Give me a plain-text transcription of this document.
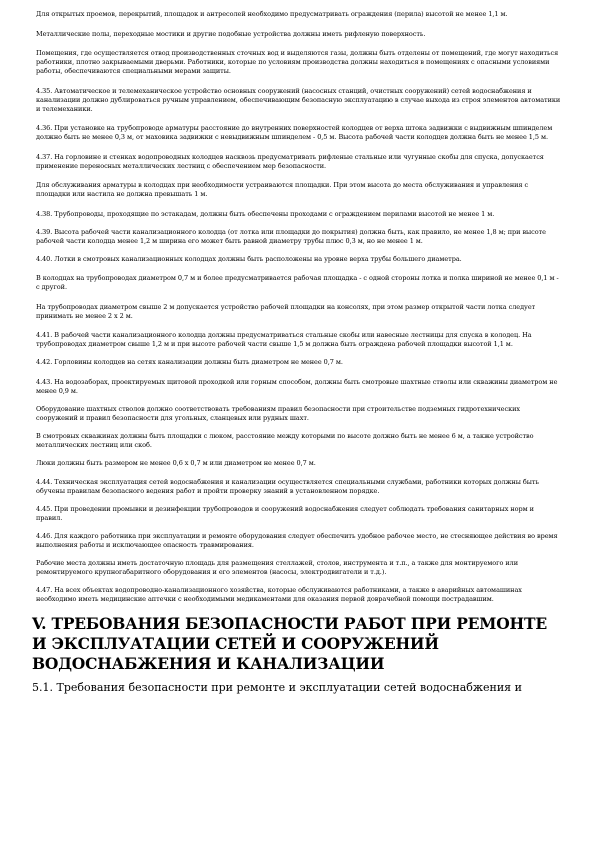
Для открытых проемов, перекрытий, площадок и антресолей необходимо предусматривать ограждения (перила) высотой не менее 1,1 м.

Металлические полы, переходные мостики и другие подобные устройства должны иметь рифленую поверхность.

Помещения, где осуществляется отвод производственных сточных вод и выделяются газы, должны быть отделены от помещений, где могут находиться работники, плотно закрываемыми дверьми. Работники, которые по условиям производства должны находиться в помещениях с опасными условиями работы, обеспечиваются специальными мерами защиты.

4.35. Автоматическое и телемеханическое устройство основных сооружений (насосных станций, очистных сооружений) сетей водоснабжения и канализации должно дублироваться ручным управлением, обеспечивающим безопасную эксплуатацию в случае выхода из строя элементов автоматики и телемеханики.

4.36. При установке на трубопроводе арматуры расстояние до внутренних поверхностей колодцев от верха штока задвижки с выдвижным шпинделем должно быть не менее 0,3 м, от маховика задвижки с невыдвижным шпинделем - 0,5 м. Высота рабочей части колодцев должна быть не менее 1,5 м.

4.37. На горловине и стенках водопроводных колодцев насквозь предусматривать рифленые стальные или чугунные скобы для спуска, допускается применение переносных металлических лестниц с обеспечением мер безопасности.

Для обслуживания арматуры в колодцах при необходимости устраиваются площадки. При этом высота до места обслуживания и управления с площадки или настила не должна превышать 1 м.

4.38. Трубопроводы, проходящие по эстакадам, должны быть обеспечены проходами с ограждением перилами высотой не менее 1 м.

4.39. Высота рабочей части канализационного колодца (от лотка или площадки до покрытия) должна быть, как правило, не менее 1,8 м; при высоте рабочей части колодца менее 1,2 м ширина его может быть равной диаметру трубы плюс 0,3 м, но не менее 1 м.

4.40. Лотки в смотровых канализационных колодцах должны быть расположены на уровне верха трубы большего диаметра.

В колодцах на трубопроводах диаметром 0,7 м и более предусматривается рабочая площадка - с одной стороны лотка и полка шириной не менее 0,1 м - с другой.

На трубопроводах диаметром свыше 2 м допускается устройство рабочей площадки на консолях, при этом размер открытой части лотка следует принимать не менее 2 х 2 м.

4.41. В рабочей части канализационного колодца должны предусматриваться стальные скобы или навесные лестницы для спуска в колодец. На трубопроводах диаметром свыше 1,2 м и при высоте рабочей части свыше 1,5 м должна быть ограждена рабочей площадки высотой 1,1 м.

4.42. Горловины колодцев на сетях канализации должны быть диаметром не менее 0,7 м.

4.43. На водозаборах, проектируемых щитовой проходкой или горным способом, должны быть смотровые шахтные стволы или скважины диаметром не менее 0,9 м.

Оборудование шахтных стволов должно соответствовать требованиям правил безопасности при строительстве подземных гидротехнических сооружений и правил безопасности для угольных, сланцевых или рудных шахт.

В смотровых скважинах должны быть площадки с люком, расстояние между которыми по высоте должно быть не менее 6 м, а также устройство металлических лестниц или скоб.

Люки должны быть размером не менее 0,6 х 0,7 м или диаметром не менее 0,7 м.

4.44. Техническая эксплуатация сетей водоснабжения и канализации осуществляется специальными службами, работники которых должны быть обучены правилам безопасного ведения работ и пройти проверку знаний в установленном порядке.

4.45. При проведении промывки и дезинфекции трубопроводов и сооружений водоснабжения следует соблюдать требования санитарных норм и правил.

4.46. Для каждого работника при эксплуатации и ремонте оборудования следует обеспечить удобное рабочее место, не стесняющее действия во время выполнения работы и исключающее опасность травмирования.

Рабочие места должны иметь достаточную площадь для размещения стеллажей, столов, инструмента и т.п., а также для монтируемого или ремонтируемого крупногабаритного оборудования и его элементов (насосы, электродвигатели и т.д.).

4.47. На всех объектах водопроводно-канализационного хозяйства, которые обслуживаются работниками, а также в аварийных автомашинах необходимо иметь медицинские аптечки с необходимыми медикаментами для оказания первой доврачебной помощи пострадавшим.

V. ТРЕБОВАНИЯ БЕЗОПАСНОСТИ РАБОТ ПРИ РЕМОНТЕ И ЭКСПЛУАТАЦИИ СЕТЕЙ И СООРУЖЕНИЙ ВОДОСНАБЖЕНИЯ И КАНАЛИЗАЦИИ
5.1. Требования безопасности при ремонте и эксплуатации сетей водоснабжения и
